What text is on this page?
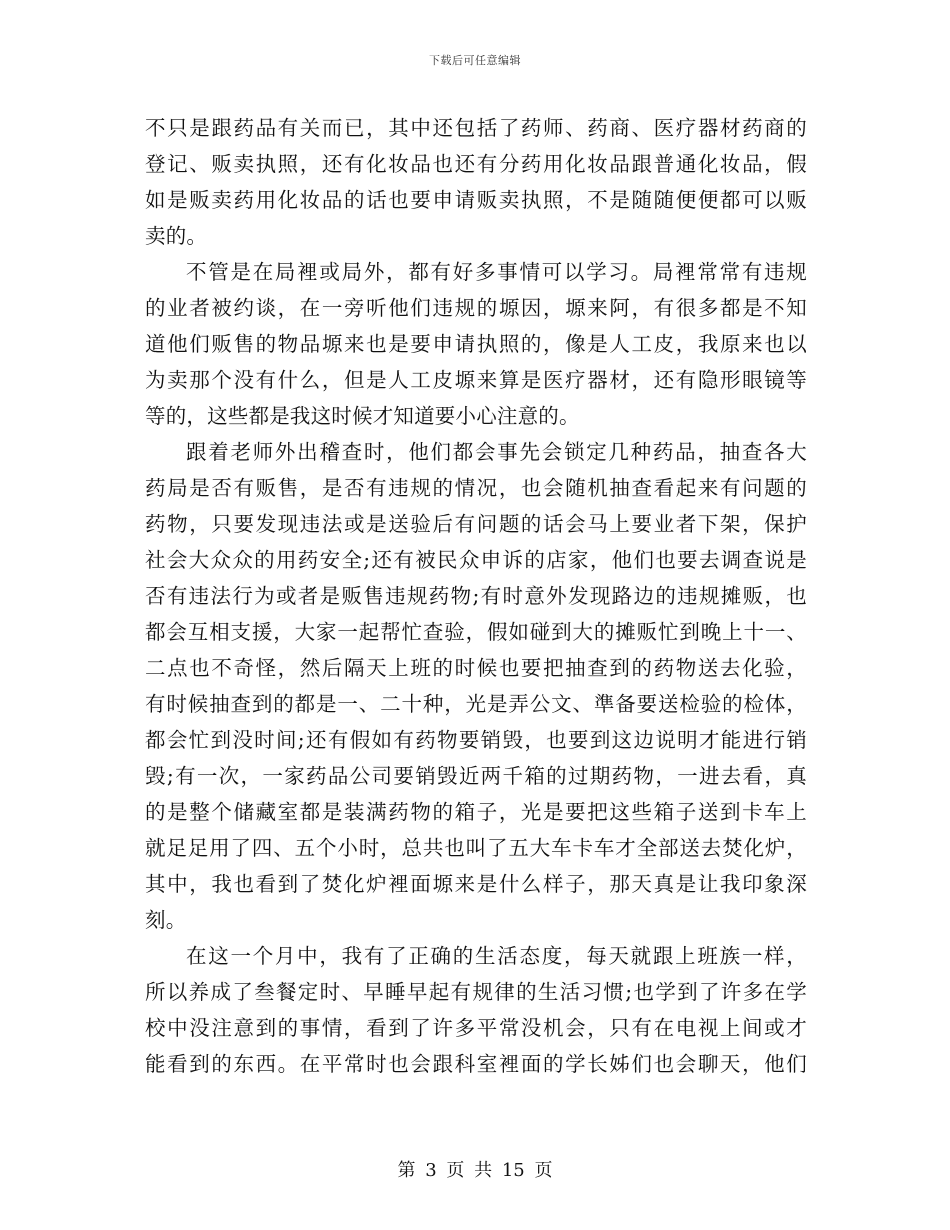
下载后可任意编辑
不只是跟药品有关而已，其中还包括了药师、药商、医疗器材药商的
登记、贩卖执照，还有化妆品也还有分药用化妆品跟普通化妆品，假
如是贩卖药用化妆品的话也要申请贩卖执照，不是随随便便都可以贩
卖的。
不管是在局裡或局外，都有好多事情可以学习。局裡常常有违规
的业者被约谈，在一旁听他们违规的塬因，塬来阿，有很多都是不知
道他们贩售的物品塬来也是要申请执照的，像是人工皮，我原来也以
为卖那个没有什么，但是人工皮塬来算是医疗器材，还有隐形眼镜等
等的，这些都是我这时候才知道要小心注意的。
跟着老师外出稽查时，他们都会事先会锁定几种药品，抽查各大
药局是否有贩售，是否有违规的情况，也会随机抽查看起来有问题的
药物，只要发现违法或是送验后有问题的话会马上要业者下架，保护
社会大众众的用药安全;还有被民众申诉的店家，他们也要去调查说是
否有违法行为或者是贩售违规药物;有时意外发现路边的违规摊贩，也
都会互相支援，大家一起帮忙查验，假如碰到大的摊贩忙到晚上十一、
二点也不奇怪，然后隔天上班的时候也要把抽查到的药物送去化验，
有时候抽查到的都是一、二十种，光是弄公文、準备要送检验的检体，
都会忙到没时间;还有假如有药物要销毁，也要到这边说明才能进行销
毁;有一次，一家药品公司要销毁近两千箱的过期药物，一进去看，真
的是整个储藏室都是装满药物的箱子，光是要把这些箱子送到卡车上
就足足用了四、五个小时，总共也叫了五大车卡车才全部送去焚化炉，
其中，我也看到了焚化炉裡面塬来是什么样子，那天真是让我印象深
刻。
在这一个月中，我有了正确的生活态度，每天就跟上班族一样，
所以养成了叁餐定时、早睡早起有规律的生活习惯;也学到了许多在学
校中没注意到的事情，看到了许多平常没机会，只有在电视上间或才
能看到的东西。在平常时也会跟科室裡面的学长姊们也会聊天，他们
第 3 页 共 15 页
